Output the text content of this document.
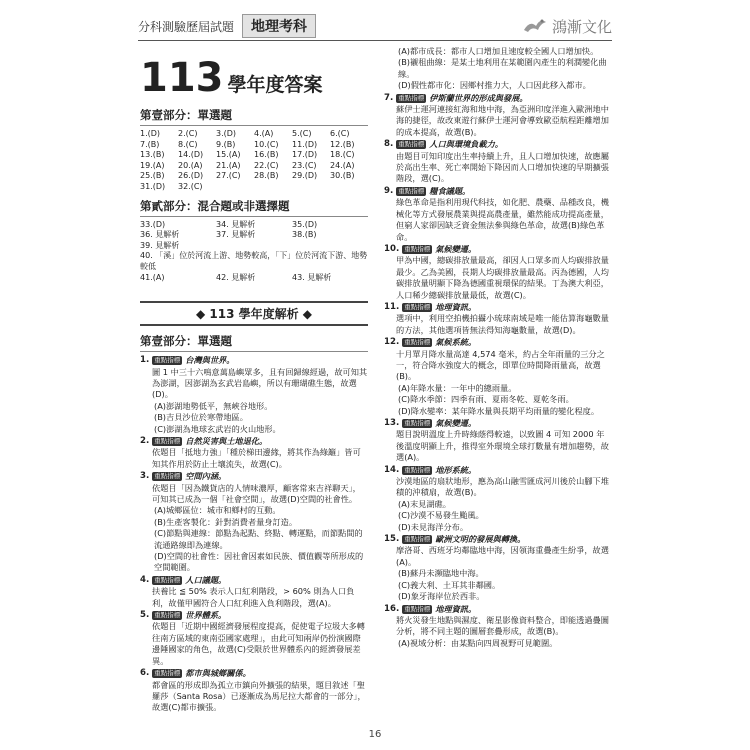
分科測驗歷屆試題	地理考科	鴻漸文化
113 學年度答案
第壹部分：單選題
1.(D)	2.(C)	3.(D)	4.(A)	5.(C)	6.(C)
7.(B)	8.(C)	9.(B)	10.(C)	11.(D)	12.(B)
13.(B)	14.(D)	15.(A)	16.(B)	17.(D)	18.(C)
19.(A)	20.(A)	21.(A)	22.(C)	23.(C)	24.(A)
25.(B)	26.(D)	27.(C)	28.(B)	29.(D)	30.(B)
31.(D)	32.(C)
第貳部分：混合題或非選擇題
33.(D)	34. 見解析	35.(D)
36. 見解析	37. 見解析	38.(B)
39. 見解析
40. 「溪」位於河流上游、地勢較高，「下」位於河流下游、地勢較低
41.(A)	42. 見解析	43. 見解析
◆ 113 學年度解析 ◆
第壹部分：單選題
1. 重點指標 台灣與世界。
圖 1 中三十六鳴意萬島嶼眾多，且有回歸線經過，故可知其為澎湖，因澎湖為玄武岩島嶼，所以有珊瑚礁生態，故選(D)。
(A)澎湖地勢低平，無峽谷地形。
(B)吉貝沙位於寒帶地區。
(C)澎湖為地球玄武岩的火山地形。
2. 重點指標 自然災害與土地退化。
依題目「抵地力強」「種於梯田邊緣，將其作為綠籬」皆可知其作用於防止土壤流失，故選(C)。
3. 重點指標 空間內涵。
依題目「因為鐵貨店的人情味濃厚，顧客常來吉祥聊天」，可知其已成為一個「社會空間」，故選(D)空間的社會性。
(A)城鄉區位：城市和鄉村的互動。
(B)生產客製化：針對消費者量身訂造。
(C)節點與連線：節點為起點、終點、轉運點，而節點間的流通路線即為連線。
(D)空間的社會性：因社會因素如民族、價值觀等所形成的空間範圍。
4. 重點指標 人口議題。
扶養比 ≦ 50% 表示人口紅利階段，> 60% 則為人口負利，故僅甲國符合人口紅利進入負利階段，選(A)。
5. 重點指標 世界體系。
依題目「近期中國經濟發展程度提高，促使電子垃圾大多轉往南方區域的東南亞國家處理」，由此可知兩岸仍扮演國際邊陲國家的角色，故選(C)受限於世界體系內的經濟發展差異。
6. 重點指標 都市與城鄉關係。
都會區的形成即為孤立市鎮向外擴張的結果，題目敘述「聖羅莎（Santa Rosa）已逐漸成為馬尼拉大都會的一部分」，故選(C)都市擴張。
(A)都市成長：都市人口增加且速度較全國人口增加快。
(B)襯租曲線：是某土地利用在某範圍內產生的利潤變化曲線。
(D)假性都市化：因鄉村推力大，人口因此移入都市。
7. 重點指標 伊斯蘭世界的形成與發展。
蘇伊士運河連接紅海和地中海，為亞洲印度洋進入歐洲地中海的捷徑，故改東遊行蘇伊士運河會導致歐亞航程距離增加的成本提高，故選(B)。
8. 重點指標 人口與環境負載力。
由題目可知印度出生率持續上升，且人口增加快速，故應屬於高出生率、死亡率開始下降因而人口增加快速的早期擴張階段，選(C)。
9. 重點指標 糧食議題。
綠色革命是指利用現代科技，如化肥、農藥、品種改良，機械化等方式發展農業與提高農產量，雖然能成功提高產量，但窮人家卻因缺乏資金無法參與綠色革命，故選(B)綠色革命。
10. 重點指標 氣候變遷。
甲為中國，總碳排放量最高，卻因人口眾多而人均碳排放量最少。乙為美國，長期人均碳排放量最高。丙為德國，人均碳排放量明顯下降為德國重視環保的結果。丁為澳大利亞，人口稀少總碳排放量最低，故選(C)。
11. 重點指標 地理資訊。
選項中，利用空拍機拍攝小琉球南域是唯一能估算海龜數量的方法，其他選項皆無法得知海龜數量，故選(D)。
12. 重點指標 氣候系統。
十月單月降水量高達 4,574 毫米，約占全年雨量的三分之一，符合降水強度大的概念，即單位時間降雨量高，故選(B)。
(A)年降水量：一年中的總雨量。
(C)降水季節：四季有雨、夏雨冬乾、夏乾冬雨。
(D)降水變率：某年降水量與長期平均雨量的變化程度。
13. 重點指標 氣候變遷。
題目說明溫度上升時綠蔭得較遠，以致圖 4 可知 2000 年後溫度明顯上升，推得室外環境全球打數量有增加趨勢，故選(A)。
14. 重點指標 地形系統。
沙漠地區的扇狀地形，應為高山融雪匯成河川後於山腳下堆積的沖積扇，故選(B)。
(A)末見湖礁。
(C)沙漠不易發生颱風。
(D)未見海洋分布。
15. 重點指標 歐洲文明的發展與轉換。
摩洛哥、西班牙均鄰臨地中海，因領海重疊產生紛爭，故選(A)。
(B)蘇丹未瀕臨地中海。
(C)義大利、土耳其非鄰國。
(D)象牙海岸位於西非。
16. 重點指標 地理資訊。
將火災發生地點與濕度、衛星影像資料整合，即能透過疊圖分析，將不同主題的圖層套疊形成，故選(B)。
(A)視域分析：由某點向四周視野可見範圍。
16
